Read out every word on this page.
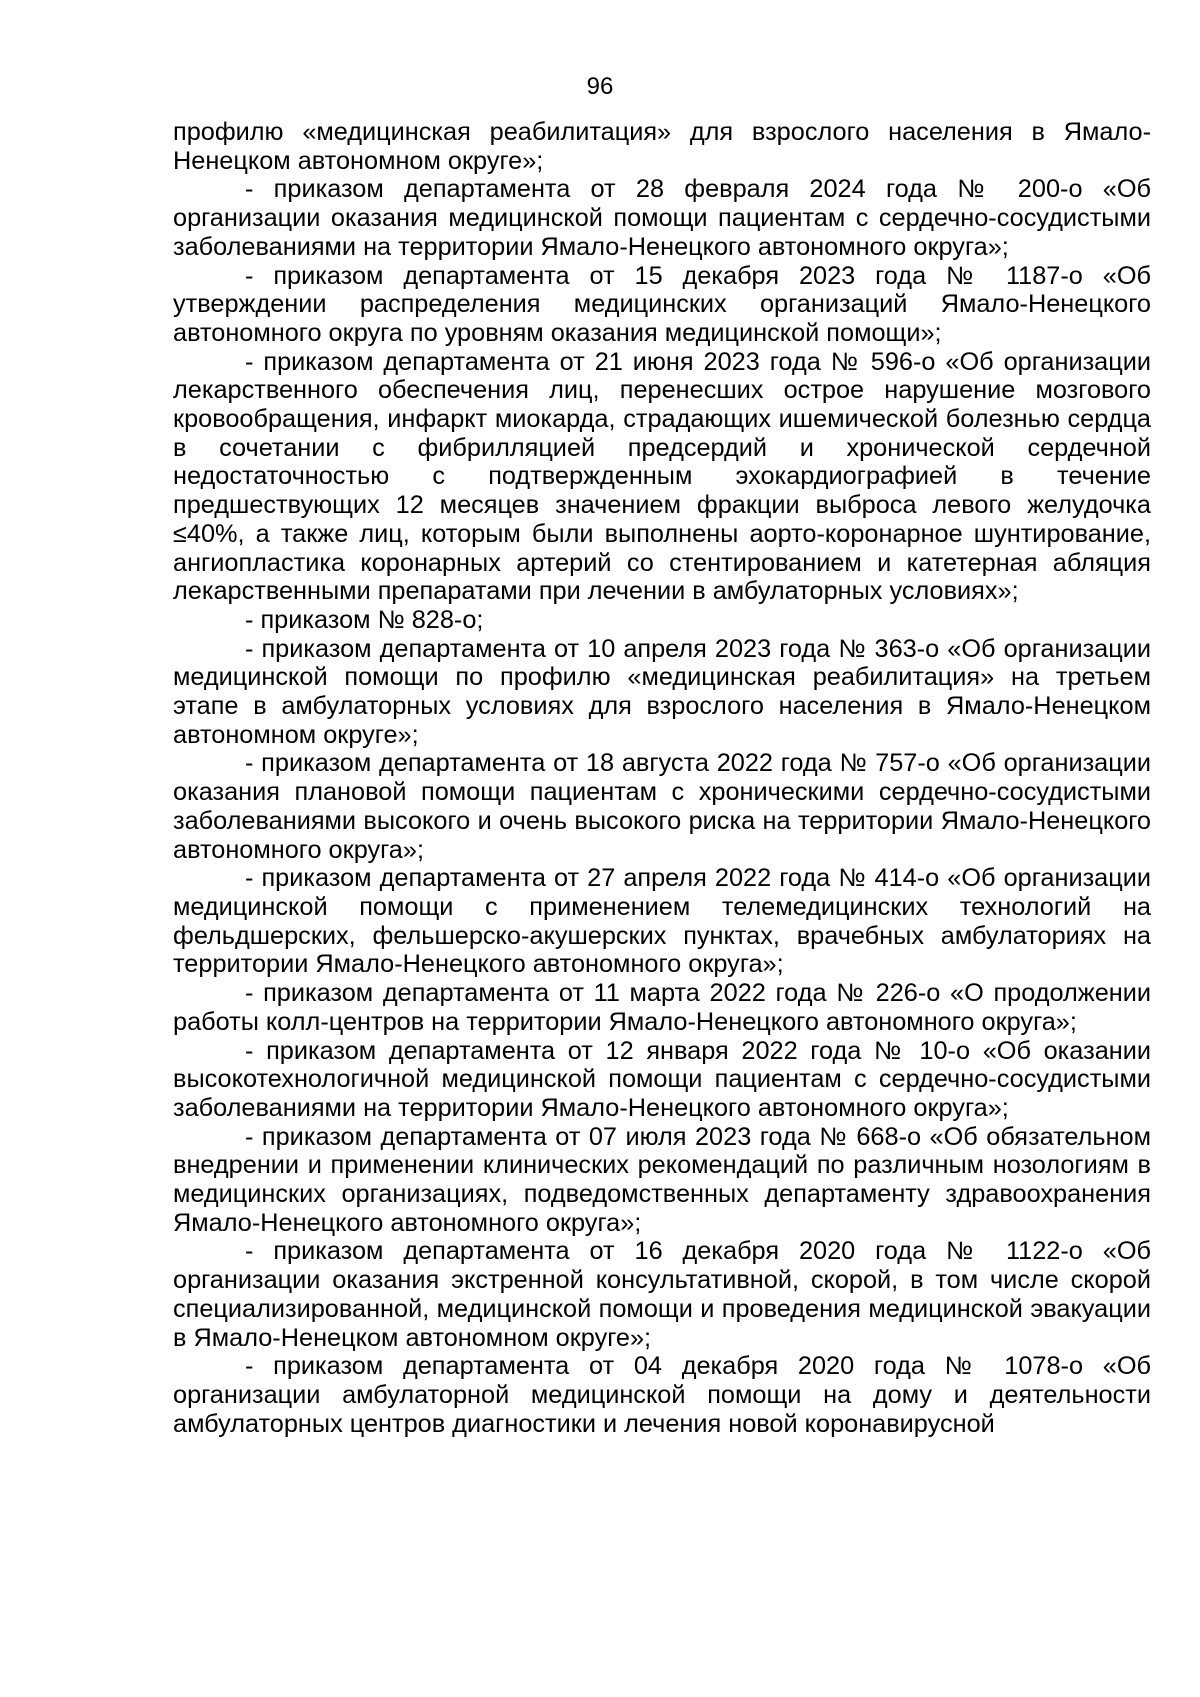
96

профилю «медицинская реабилитация» для взрослого населения в Ямало-Ненецком автономном округе»;

- приказом департамента от 28 февраля 2024 года № 200-о «Об организации оказания медицинской помощи пациентам с сердечно-сосудистыми заболеваниями на территории Ямало-Ненецкого автономного округа»;

- приказом департамента от 15 декабря 2023 года № 1187-о «Об утверждении распределения медицинских организаций Ямало-Ненецкого автономного округа по уровням оказания медицинской помощи»;

- приказом департамента от 21 июня 2023 года № 596-о «Об организации лекарственного обеспечения лиц, перенесших острое нарушение мозгового кровообращения, инфаркт миокарда, страдающих ишемической болезнью сердца в сочетании с фибрилляцией предсердий и хронической сердечной недостаточностью с подтвержденным эхокардиографией в течение предшествующих 12 месяцев значением фракции выброса левого желудочка ≤40%, а также лиц, которым были выполнены аорто-коронарное шунтирование, ангиопластика коронарных артерий со стентированием и катетерная абляция лекарственными препаратами при лечении в амбулаторных условиях»;

- приказом № 828-о;

- приказом департамента от 10 апреля 2023 года № 363-о «Об организации медицинской помощи по профилю «медицинская реабилитация» на третьем этапе в амбулаторных условиях для взрослого населения в Ямало-Ненецком автономном округе»;

- приказом департамента от 18 августа 2022 года № 757-о «Об организации оказания плановой помощи пациентам с хроническими сердечно-сосудистыми заболеваниями высокого и очень высокого риска на территории Ямало-Ненецкого автономного округа»;

- приказом департамента от 27 апреля 2022 года № 414-о «Об организации медицинской помощи с применением телемедицинских технологий на фельдшерских, фельшерско-акушерских пунктах, врачебных амбулаториях на территории Ямало-Ненецкого автономного округа»;

- приказом департамента от 11 марта 2022 года № 226-о «О продолжении работы колл-центров на территории Ямало-Ненецкого автономного округа»;

- приказом департамента от 12 января 2022 года № 10-о «Об оказании высокотехнологичной медицинской помощи пациентам с сердечно-сосудистыми заболеваниями на территории Ямало-Ненецкого автономного округа»;

- приказом департамента от 07 июля 2023 года № 668-о «Об обязательном внедрении и применении клинических рекомендаций по различным нозологиям в медицинских организациях, подведомственных департаменту здравоохранения Ямало-Ненецкого автономного округа»;

- приказом департамента от 16 декабря 2020 года № 1122-о «Об организации оказания экстренной консультативной, скорой, в том числе скорой специализированной, медицинской помощи и проведения медицинской эвакуации в Ямало-Ненецком автономном округе»;

- приказом департамента от 04 декабря 2020 года № 1078-о «Об организации амбулаторной медицинской помощи на дому и деятельности амбулаторных центров диагностики и лечения новой коронавирусной
